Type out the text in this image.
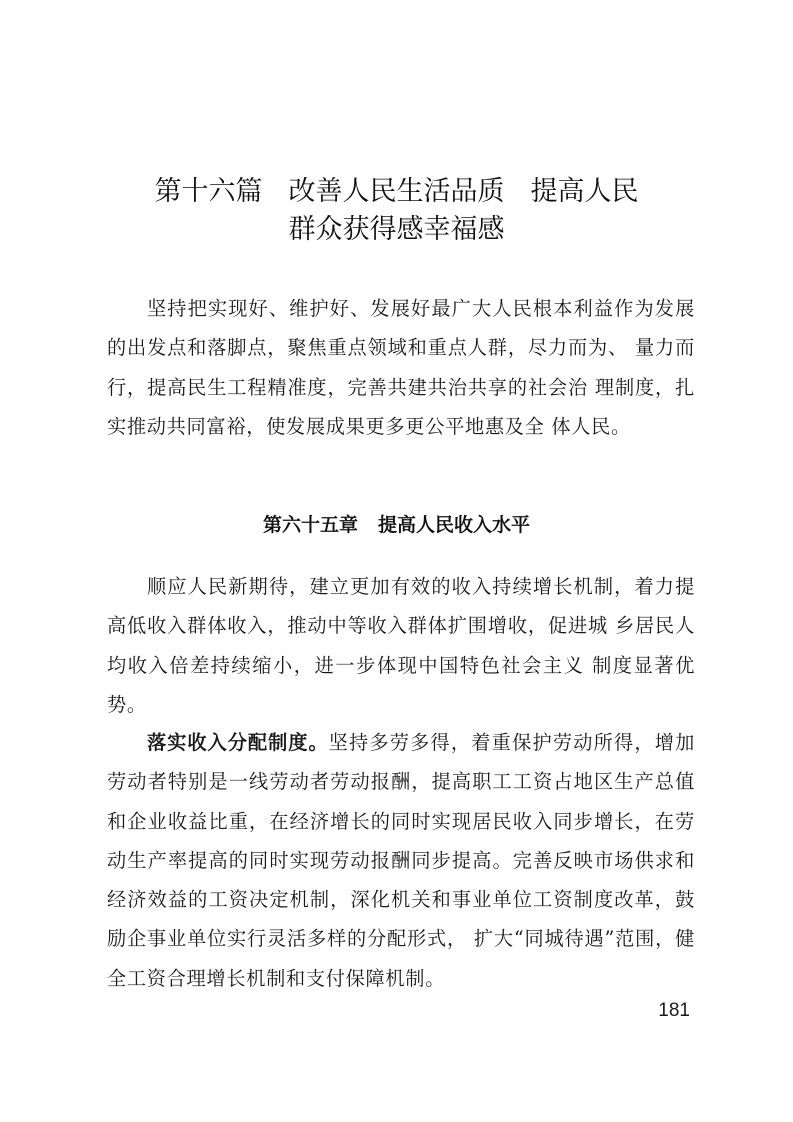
第十六篇 改善人民生活品质 提高人民
群众获得感幸福感

坚持把实现好、维护好、发展好最广大人民根本利益作为发展的出发点和落脚点，聚焦重点领域和重点人群，尽力而为、 量力而行，提高民生工程精准度，完善共建共治共享的社会治 理制度，扎实推动共同富裕，使发展成果更多更公平地惠及全 体人民。

第六十五章 提高人民收入水平

顺应人民新期待，建立更加有效的收入持续增长机制，着力提高低收入群体收入，推动中等收入群体扩围增收，促进城 乡居民人均收入倍差持续缩小，进一步体现中国特色社会主义 制度显著优势。

落实收入分配制度。坚持多劳多得，着重保护劳动所得，增加劳动者特别是一线劳动者劳动报酬，提高职工工资占地区生产总值和企业收益比重，在经济增长的同时实现居民收入同步增长，在劳动生产率提高的同时实现劳动报酬同步提高。完善反映市场供求和经济效益的工资决定机制，深化机关和事业单位工资制度改革，鼓励企事业单位实行灵活多样的分配形式， 扩大“同城待遇”范围，健全工资合理增长机制和支付保障机制。

181
